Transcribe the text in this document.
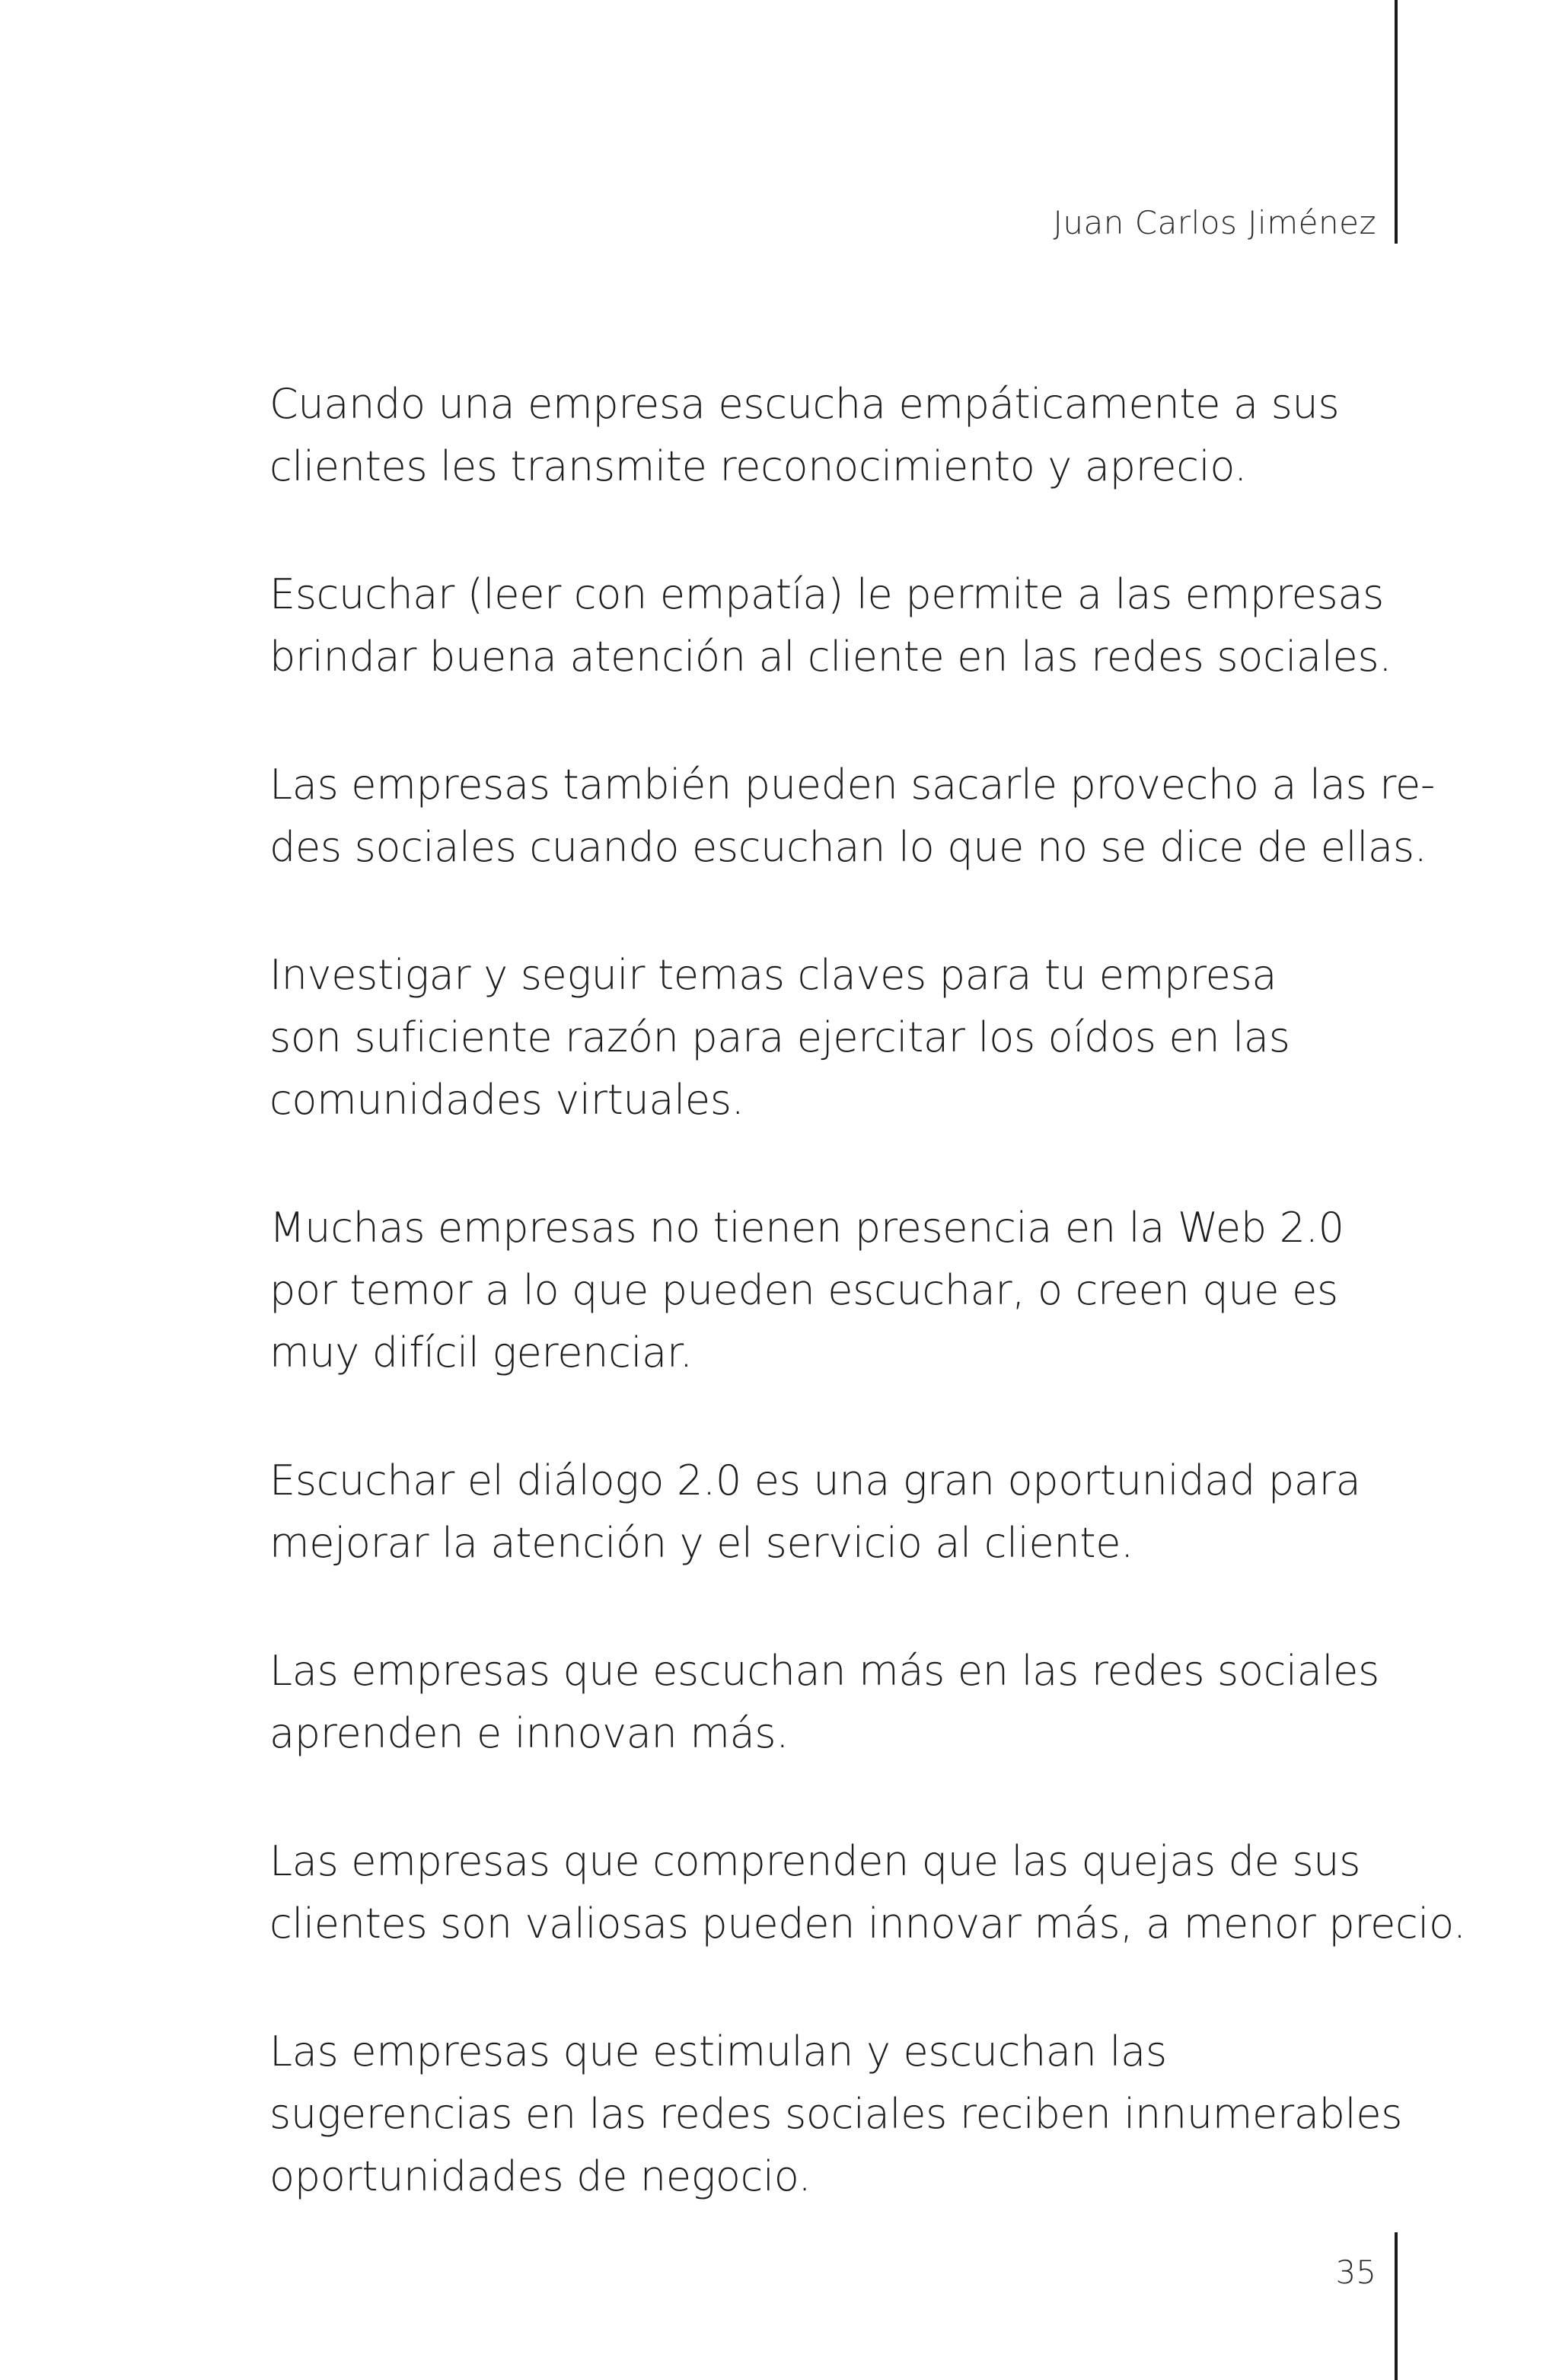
Juan Carlos Jiménez

Cuando una empresa escucha empáticamente a sus
clientes les transmite reconocimiento y aprecio.

Escuchar (leer con empatía) le permite a las empresas
brindar buena atención al cliente en las redes sociales.

Las empresas también pueden sacarle provecho a las re-
des sociales cuando escuchan lo que no se dice de ellas.

Investigar y seguir temas claves para tu empresa
son suficiente razón para ejercitar los oídos en las
comunidades virtuales.

Muchas empresas no tienen presencia en la Web 2.0
por temor a lo que pueden escuchar, o creen que es
muy difícil gerenciar.

Escuchar el diálogo 2.0 es una gran oportunidad para
mejorar la atención y el servicio al cliente.

Las empresas que escuchan más en las redes sociales
aprenden e innovan más.

Las empresas que comprenden que las quejas de sus
clientes son valiosas pueden innovar más, a menor precio.

Las empresas que estimulan y escuchan las
sugerencias en las redes sociales reciben innumerables
oportunidades de negocio.

35
